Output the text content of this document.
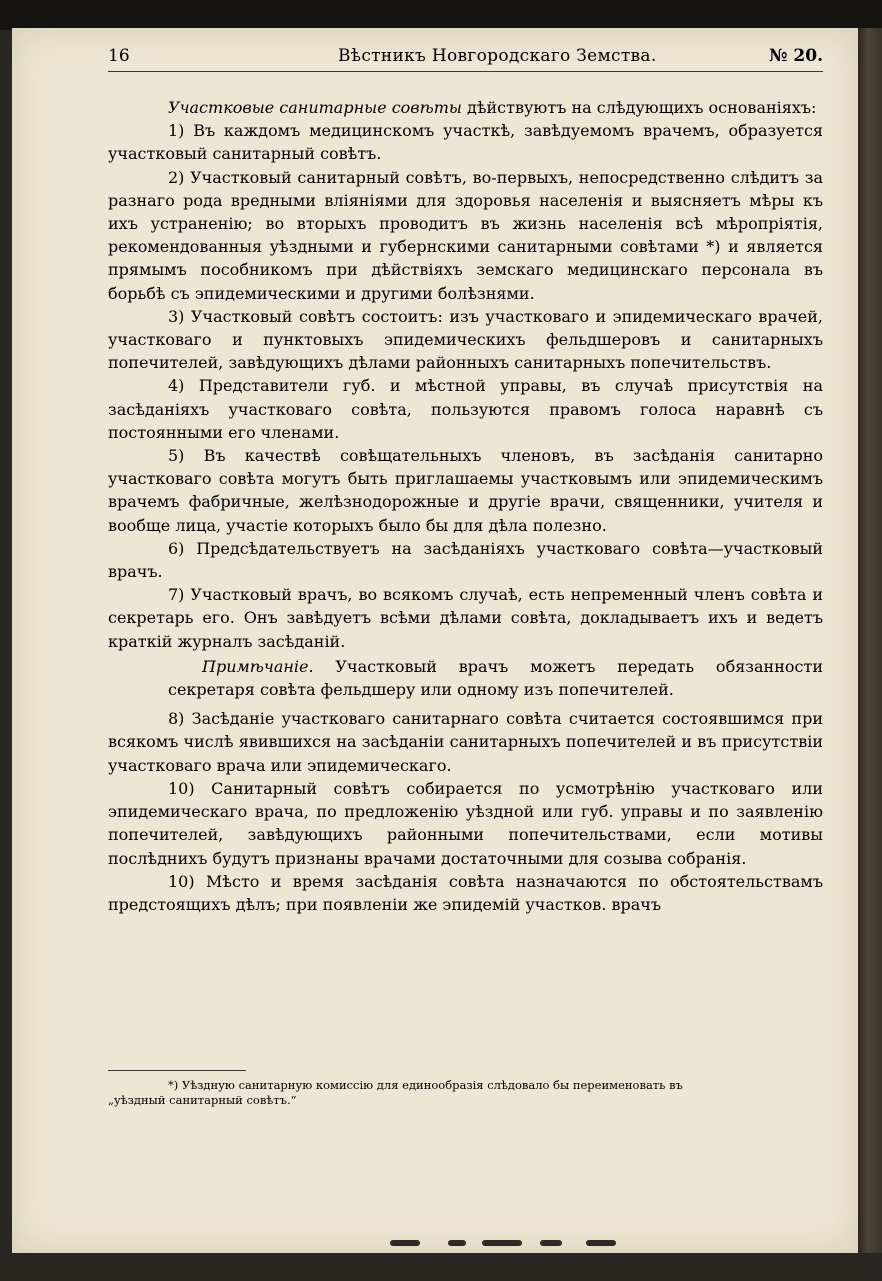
16	Вѣстникъ Новгородскаго Земства.	№ 20.

Участковые санитарные совѣты дѣйствуютъ на слѣдующихъ основаніяхъ:

1) Въ каждомъ медицинскомъ участкѣ, завѣдуемомъ врачемъ, образуется участковый санитарный совѣтъ.

2) Участковый санитарный совѣтъ, во-первыхъ, непосредственно слѣдитъ за разнаго рода вредными вліяніями для здоровья населенія и выясняетъ мѣры къ ихъ устраненію; во вторыхъ проводитъ въ жизнь населенія всѣ мѣропріятія, рекомендованныя уѣздными и губернскими санитарными совѣтами *) и является прямымъ пособникомъ при дѣйствіяхъ земскаго медицинскаго персонала въ борьбѣ съ эпидемическими и другими болѣзнями.

3) Участковый совѣтъ состоитъ: изъ участковаго и эпидемическаго врачей, участковаго и пунктовыхъ эпидемическихъ фельдшеровъ и санитарныхъ попечителей, завѣдующихъ дѣлами районныхъ санитарныхъ попечительствъ.

4) Представители губ. и мѣстной управы, въ случаѣ присутствія на засѣданіяхъ участковаго совѣта, пользуются правомъ голоса наравнѣ съ постоянными его членами.

5) Въ качествѣ совѣщательныхъ членовъ, въ засѣданія санитарно участковаго совѣта могутъ быть приглашаемы участковымъ или эпидемическимъ врачемъ фабричные, желѣзнодорожные и другіе врачи, священники, учителя и вообще лица, участіе которыхъ было бы для дѣла полезно.

6) Предсѣдательствуетъ на засѣданіяхъ участковаго совѣта—участковый врачъ.

7) Участковый врачъ, во всякомъ случаѣ, есть непременный членъ совѣта и секретарь его. Онъ завѣдуетъ всѣми дѣлами совѣта, докладываетъ ихъ и ведетъ краткій журналъ засѣданій.

Примѣчаніе. Участковый врачъ можетъ передать обязанности секретаря совѣта фельдшеру или одному изъ попечителей.

8) Засѣданіе участковаго санитарнаго совѣта считается состоявшимся при всякомъ числѣ явившихся на засѣданіи санитарныхъ попечителей и въ присутствіи участковаго врача или эпидемическаго.

10) Санитарный совѣтъ собирается по усмотрѣнію участковаго или эпидемическаго врача, по предложенію уѣздной или губ. управы и по заявленію попечителей, завѣдующихъ районными попечительствами, если мотивы послѣднихъ будутъ признаны врачами достаточными для созыва собранія.

10) Мѣсто и время засѣданія совѣта назначаются по обстоятельствамъ предстоящихъ дѣлъ; при появленіи же эпидемій участков. врачъ

*) Уѣздную санитарную комиссію для единообразія слѣдовало бы переименовать въ
„уѣздный санитарный совѣтъ.“
